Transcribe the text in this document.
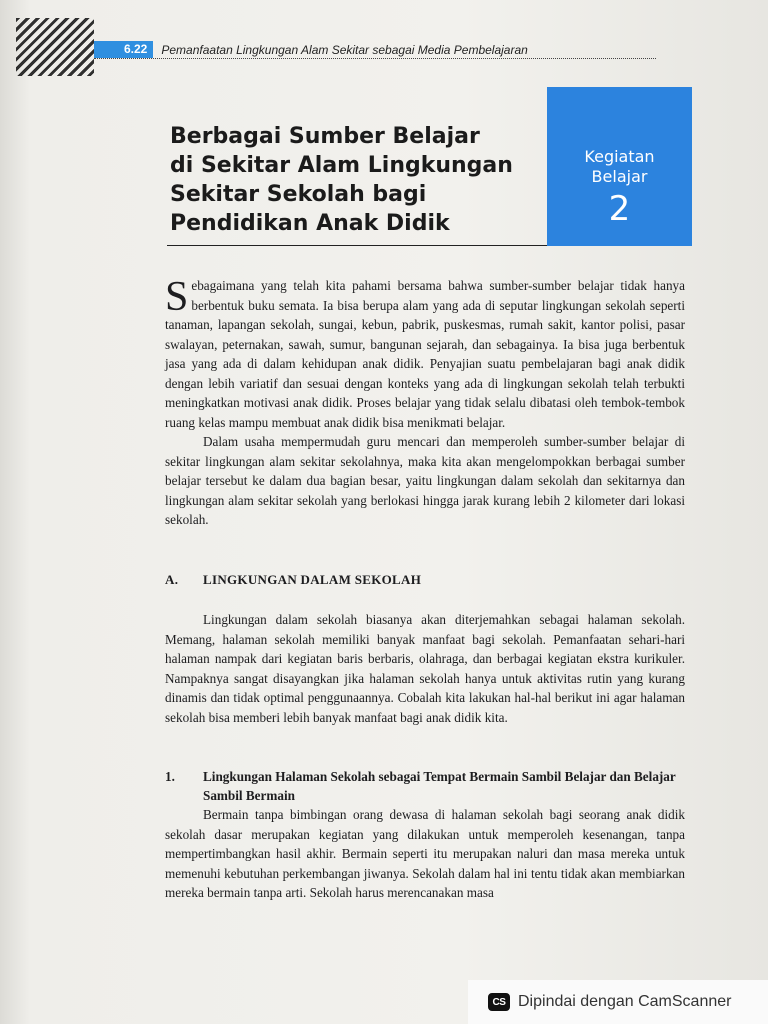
6.22	Pemanfaatan Lingkungan Alam Sekitar sebagai Media Pembelajaran
Berbagai Sumber Belajar
di Sekitar Alam Lingkungan
Sekitar Sekolah bagi
Pendidikan Anak Didik
Kegiatan
Belajar
2

Sebagaimana yang telah kita pahami bersama bahwa sumber-sumber belajar tidak hanya berbentuk buku semata. Ia bisa berupa alam yang ada di seputar lingkungan sekolah seperti tanaman, lapangan sekolah, sungai, kebun, pabrik, puskesmas, rumah sakit, kantor polisi, pasar swalayan, peternakan, sawah, sumur, bangunan sejarah, dan sebagainya. Ia bisa juga berbentuk jasa yang ada di dalam kehidupan anak didik. Penyajian suatu pembelajaran bagi anak didik dengan lebih variatif dan sesuai dengan konteks yang ada di lingkungan sekolah telah terbukti meningkatkan motivasi anak didik. Proses belajar yang tidak selalu dibatasi oleh tembok-tembok ruang kelas mampu membuat anak didik bisa menikmati belajar.

Dalam usaha mempermudah guru mencari dan memperoleh sumber-sumber belajar di sekitar lingkungan alam sekitar sekolahnya, maka kita akan mengelompokkan berbagai sumber belajar tersebut ke dalam dua bagian besar, yaitu lingkungan dalam sekolah dan sekitarnya dan lingkungan alam sekitar sekolah yang berlokasi hingga jarak kurang lebih 2 kilometer dari lokasi sekolah.

A. LINGKUNGAN DALAM SEKOLAH

Lingkungan dalam sekolah biasanya akan diterjemahkan sebagai halaman sekolah. Memang, halaman sekolah memiliki banyak manfaat bagi sekolah. Pemanfaatan sehari-hari halaman nampak dari kegiatan baris berbaris, olahraga, dan berbagai kegiatan ekstra kurikuler. Nampaknya sangat disayangkan jika halaman sekolah hanya untuk aktivitas rutin yang kurang dinamis dan tidak optimal penggunaannya. Cobalah kita lakukan hal-hal berikut ini agar halaman sekolah bisa memberi lebih banyak manfaat bagi anak didik kita.

1. Lingkungan Halaman Sekolah sebagai Tempat Bermain Sambil Belajar dan Belajar Sambil Bermain

Bermain tanpa bimbingan orang dewasa di halaman sekolah bagi seorang anak didik sekolah dasar merupakan kegiatan yang dilakukan untuk memperoleh kesenangan, tanpa mempertimbangkan hasil akhir. Bermain seperti itu merupakan naluri dan masa mereka untuk memenuhi kebutuhan perkembangan jiwanya. Sekolah dalam hal ini tentu tidak akan membiarkan mereka bermain tanpa arti. Sekolah harus merencanakan masa

CS Dipindai dengan CamScanner
